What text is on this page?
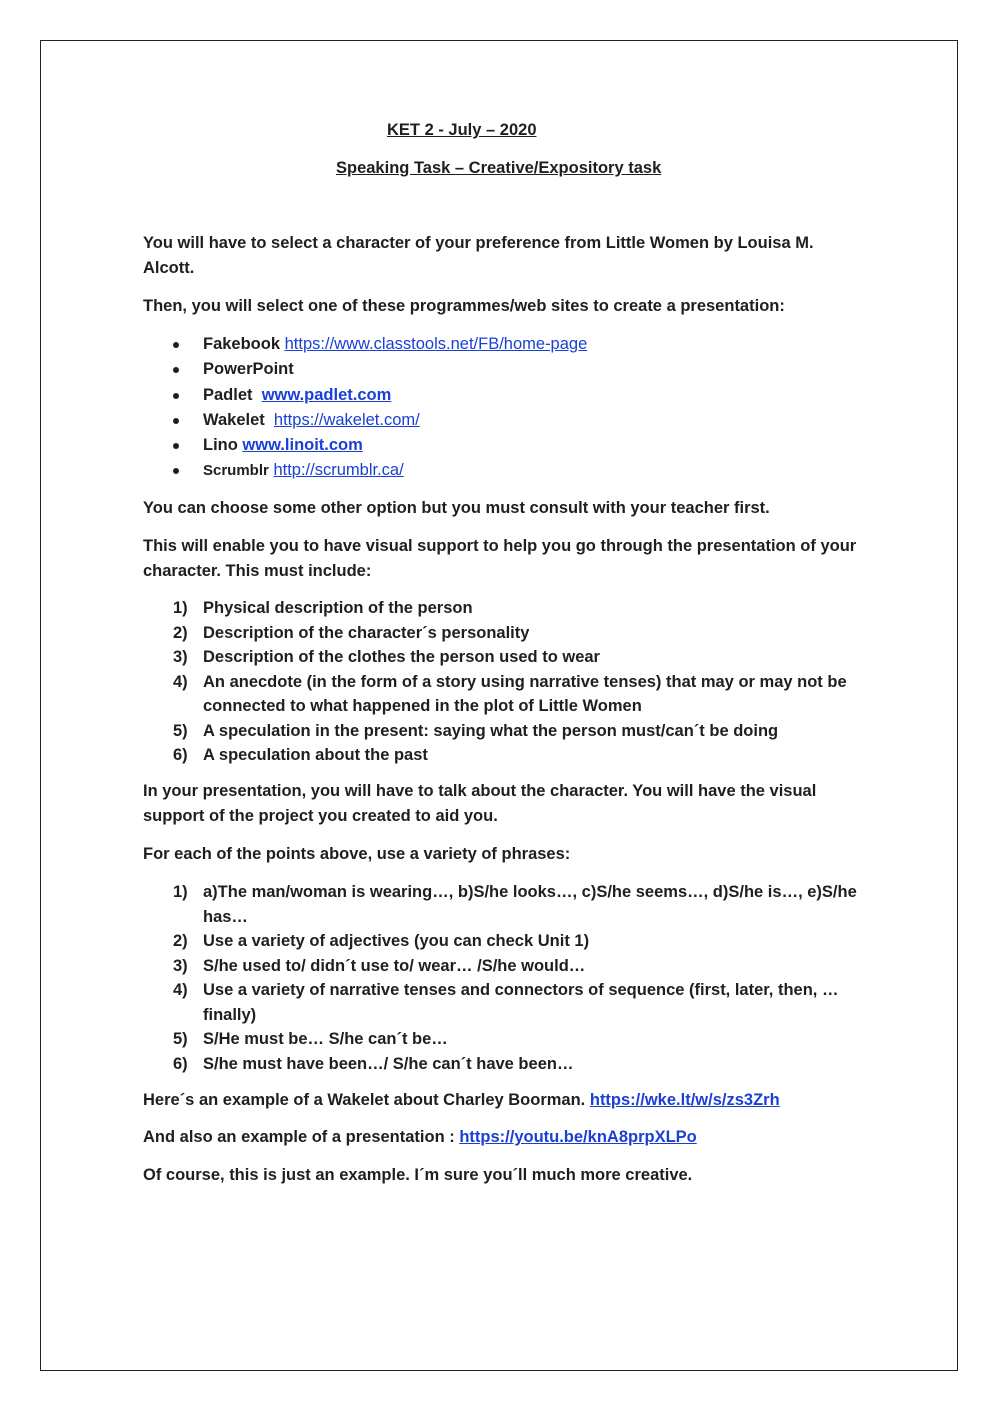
KET 2 - July – 2020
Speaking Task – Creative/Expository task

You will have to select a character of your preference from Little Women by Louisa M. Alcott.

Then, you will select one of these programmes/web sites to create a presentation:

Fakebook https://www.classtools.net/FB/home-page
PowerPoint
Padlet www.padlet.com
Wakelet https://wakelet.com/
Lino www.linoit.com
Scrumblr http://scrumblr.ca/

You can choose some other option but you must consult with your teacher first.

This will enable you to have visual support to help you go through the presentation of your character. This must include:

1) Physical description of the person
2) Description of the character´s personality
3) Description of the clothes the person used to wear
4) An anecdote (in the form of a story using narrative tenses) that may or may not be connected to what happened in the plot of Little Women
5) A speculation in the present: saying what the person must/can´t be doing
6) A speculation about the past

In your presentation, you will have to talk about the character. You will have the visual support of the project you created to aid you.

For each of the points above, use a variety of phrases:

1) a)The man/woman is wearing…, b)S/he looks…, c)S/he seems…, d)S/he is…, e)S/he has…
2) Use a variety of adjectives (you can check Unit 1)
3) S/he used to/ didn´t use to/ wear… /S/he would…
4) Use a variety of narrative tenses and connectors of sequence (first, later, then, … finally)
5) S/He must be… S/he can´t be…
6) S/he must have been…/ S/he can´t have been…

Here´s an example of a Wakelet about Charley Boorman. https://wke.lt/w/s/zs3Zrh

And also an example of a presentation : https://youtu.be/knA8prpXLPo

Of course, this is just an example. I´m sure you´ll much more creative.
